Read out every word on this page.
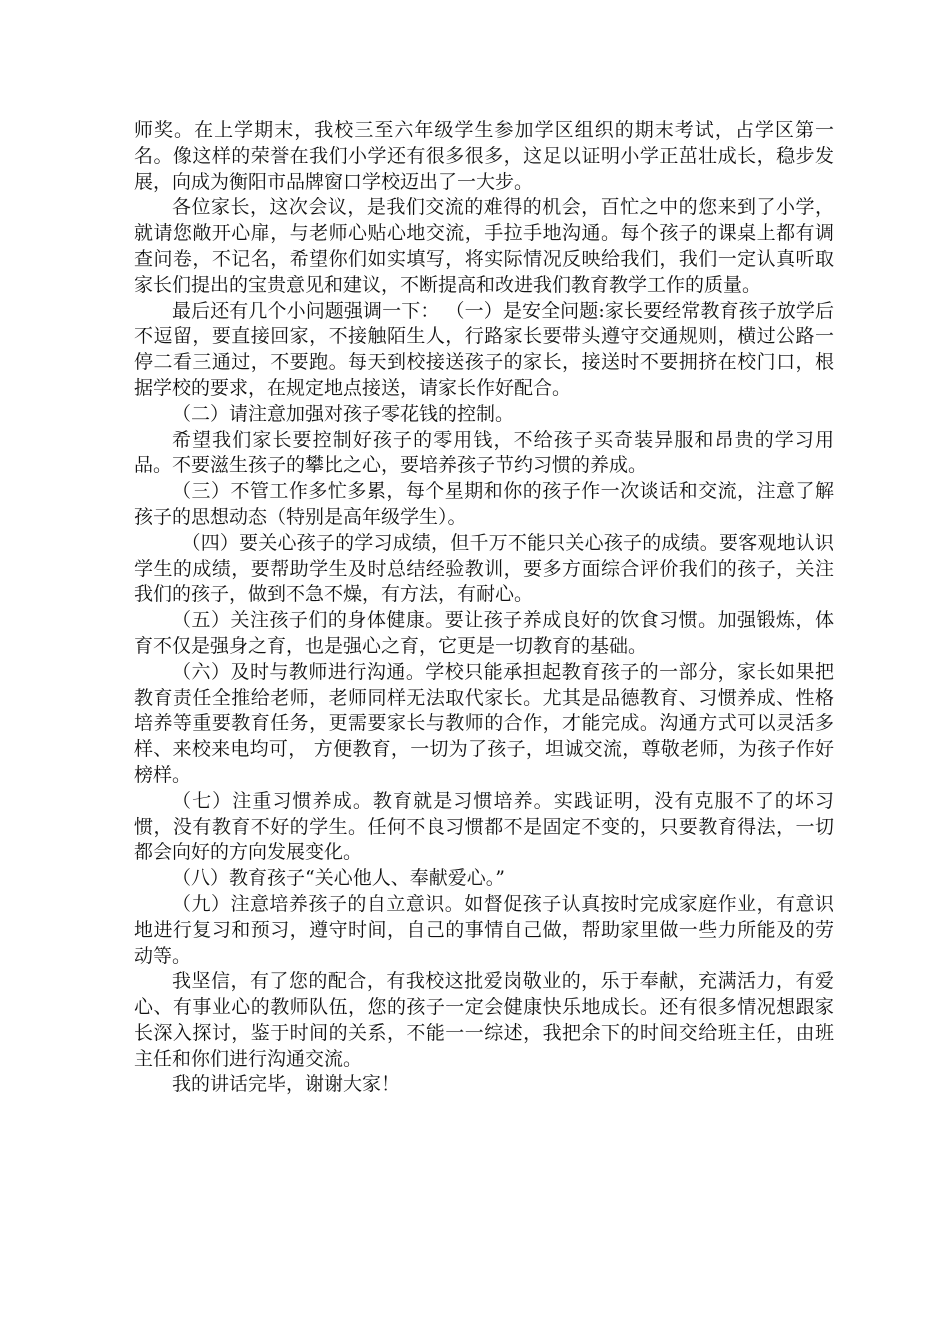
师奖。在上学期末，我校三至六年级学生参加学区组织的期末考试，占学区第一名。像这样的荣誉在我们小学还有很多很多，这足以证明小学正茁壮成长，稳步发展，向成为衡阳市品牌窗口学校迈出了一大步。

各位家长，这次会议，是我们交流的难得的机会，百忙之中的您来到了小学，就请您敞开心扉，与老师心贴心地交流，手拉手地沟通。每个孩子的课桌上都有调查问卷，不记名，希望你们如实填写，将实际情况反映给我们，我们一定认真听取家长们提出的宝贵意见和建议，不断提高和改进我们教育教学工作的质量。

最后还有几个小问题强调一下： （一）是安全问题:家长要经常教育孩子放学后不逗留，要直接回家，不接触陌生人，行路家长要带头遵守交通规则，横过公路一停二看三通过，不要跑。每天到校接送孩子的家长，接送时不要拥挤在校门口，根据学校的要求，在规定地点接送，请家长作好配合。

（二）请注意加强对孩子零花钱的控制。

希望我们家长要控制好孩子的零用钱，不给孩子买奇装异服和昂贵的学习用品。不要滋生孩子的攀比之心，要培养孩子节约习惯的养成。

（三）不管工作多忙多累，每个星期和你的孩子作一次谈话和交流，注意了解孩子的思想动态（特别是高年级学生）。

（四）要关心孩子的学习成绩，但千万不能只关心孩子的成绩。要客观地认识学生的成绩，要帮助学生及时总结经验教训，要多方面综合评价我们的孩子，关注我们的孩子，做到不急不燥，有方法，有耐心。

（五）关注孩子们的身体健康。要让孩子养成良好的饮食习惯。加强锻炼，体育不仅是强身之育，也是强心之育，它更是一切教育的基础。

（六）及时与教师进行沟通。学校只能承担起教育孩子的一部分，家长如果把教育责任全推给老师，老师同样无法取代家长。尤其是品德教育、习惯养成、性格培养等重要教育任务，更需要家长与教师的合作，才能完成。沟通方式可以灵活多样、来校来电均可， 方便教育，一切为了孩子，坦诚交流，尊敬老师，为孩子作好榜样。

（七）注重习惯养成。教育就是习惯培养。实践证明，没有克服不了的坏习惯，没有教育不好的学生。任何不良习惯都不是固定不变的，只要教育得法，一切都会向好的方向发展变化。

（八）教育孩子“关心他人、奉献爱心。”

（九）注意培养孩子的自立意识。如督促孩子认真按时完成家庭作业，有意识地进行复习和预习，遵守时间，自己的事情自己做，帮助家里做一些力所能及的劳动等。

我坚信，有了您的配合，有我校这批爱岗敬业的，乐于奉献，充满活力，有爱心、有事业心的教师队伍，您的孩子一定会健康快乐地成长。还有很多情况想跟家长深入探讨，鉴于时间的关系，不能一一综述，我把余下的时间交给班主任，由班主任和你们进行沟通交流。

我的讲话完毕，谢谢大家！
